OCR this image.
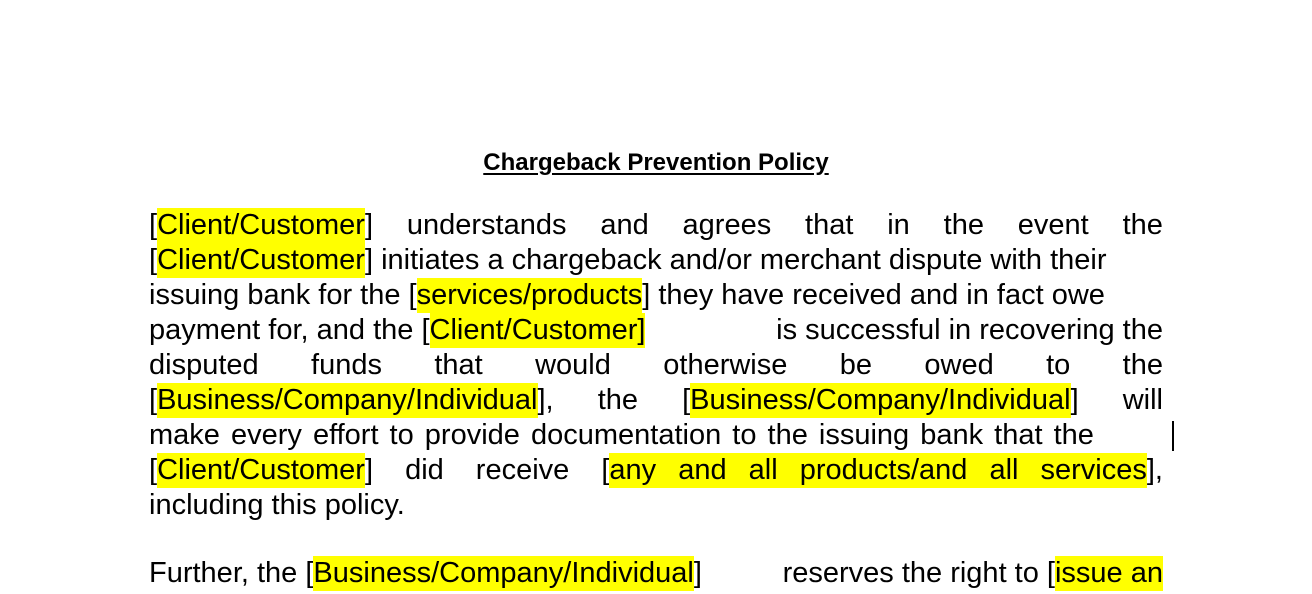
Chargeback Prevention Policy
[Client/Customer] understands and agrees that in the event the
[Client/Customer] initiates a chargeback and/or merchant dispute with their
issuing bank for the [services/products] they have received and in fact owe
payment for, and the [Client/Customer]	is successful in recovering the
disputed funds that would otherwise be owed to the
[Business/Company/Individual], the [Business/Company/Individual] will
make every effort to provide documentation to the issuing bank that the
[Client/Customer] did receive [any and all products/and all services],
including this policy.
Further, the [Business/Company/Individual]	reserves the right to [issue an
